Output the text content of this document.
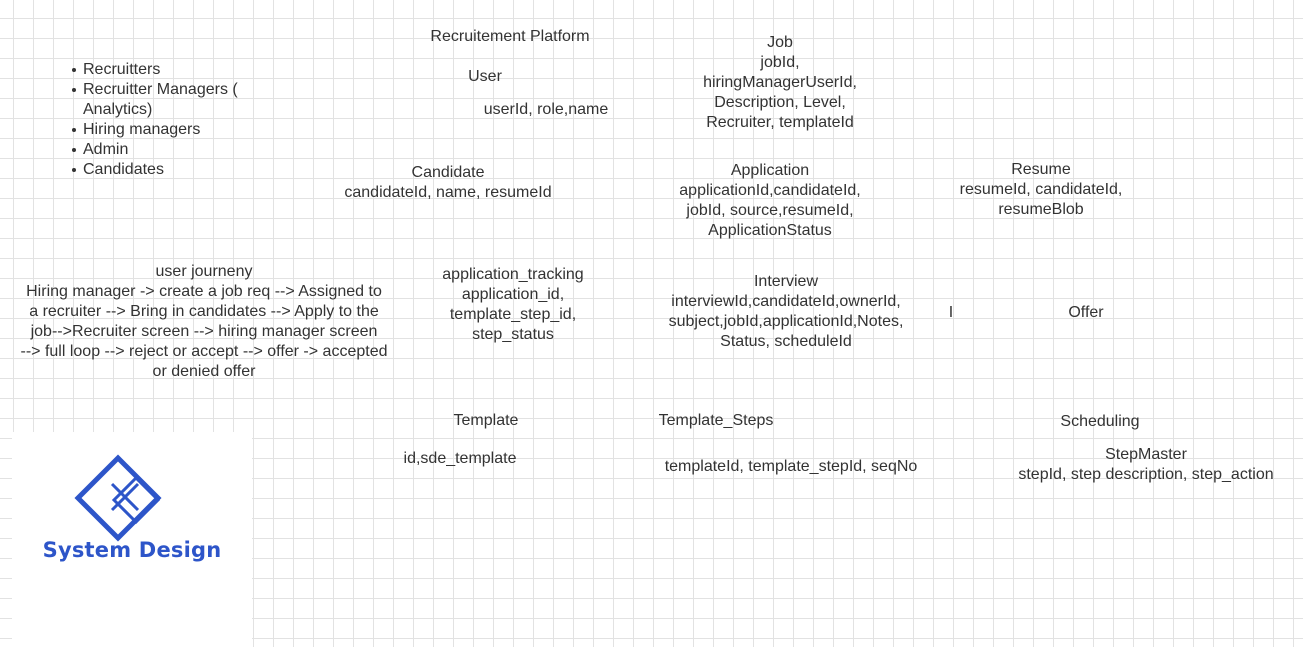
Recruitement Platform
Recruitters
Recruitter Managers (
Analytics)
Hiring managers
Admin
Candidates
User
userId, role,name
Job
jobId,
hiringManagerUserId,
Description, Level,
Recruiter, templateId
Candidate
candidateId, name, resumeId
Application
applicationId,candidateId,
jobId, source,resumeId,
ApplicationStatus
Resume
resumeId, candidateId,
resumeBlob
user journeny
Hiring manager -> create a job req --> Assigned to
a recruiter --> Bring in candidates --> Apply to the
job-->Recruiter screen --> hiring manager screen
--> full loop --> reject or accept --> offer -> accepted
or denied offer
application_tracking
application_id,
template_step_id,
step_status
Interview
interviewId,candidateId,ownerId,
subject,jobId,applicationId,Notes,
Status, scheduleId
I	Offer
Template
id,sde_template
Template_Steps
templateId, template_stepId, seqNo
Scheduling
StepMaster
stepId, step description, step_action
System Design
